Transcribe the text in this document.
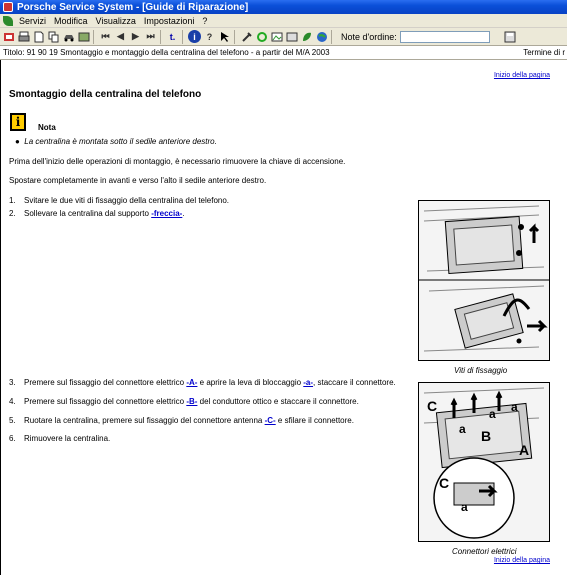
Porsche Service System - [Guide di Riparazione]
Servizi Modifica Visualizza Impostazioni ?
⏮ ◀ ▶ ⏭	t.	i	?	Note d'ordine:
Titolo: 91 90 19 Smontaggio e montaggio della centralina del telefono - a partir del M/A 2003	Termine di r
Inizio della pagina
Smontaggio della centralina del telefono
i	Nota
●  La centralina è montata sotto il sedile anteriore destro.
Prima dell'inizio delle operazioni di montaggio, è necessario rimuovere la chiave di accensione.
Spostare completamente in avanti e verso l'alto il sedile anteriore destro.
1. Svitare le due viti di fissaggio della centralina del telefono.
2. Sollevare la centralina dal supporto -freccia-.
3. Premere sul fissaggio del connettore elettrico -A- e aprire la leva di bloccaggio -a-, staccare il connettore.
4. Premere sul fissaggio del connettore elettrico -B- del conduttore ottico e staccare il connettore.
5. Ruotare la centralina, premere sul fissaggio del connettore antenna -C- e sfilare il connettore.
6. Rimuovere la centralina.
Viti di fissaggio
C
a
a a
B
A
C
a
Connettori elettrici
Inizio della pagina
